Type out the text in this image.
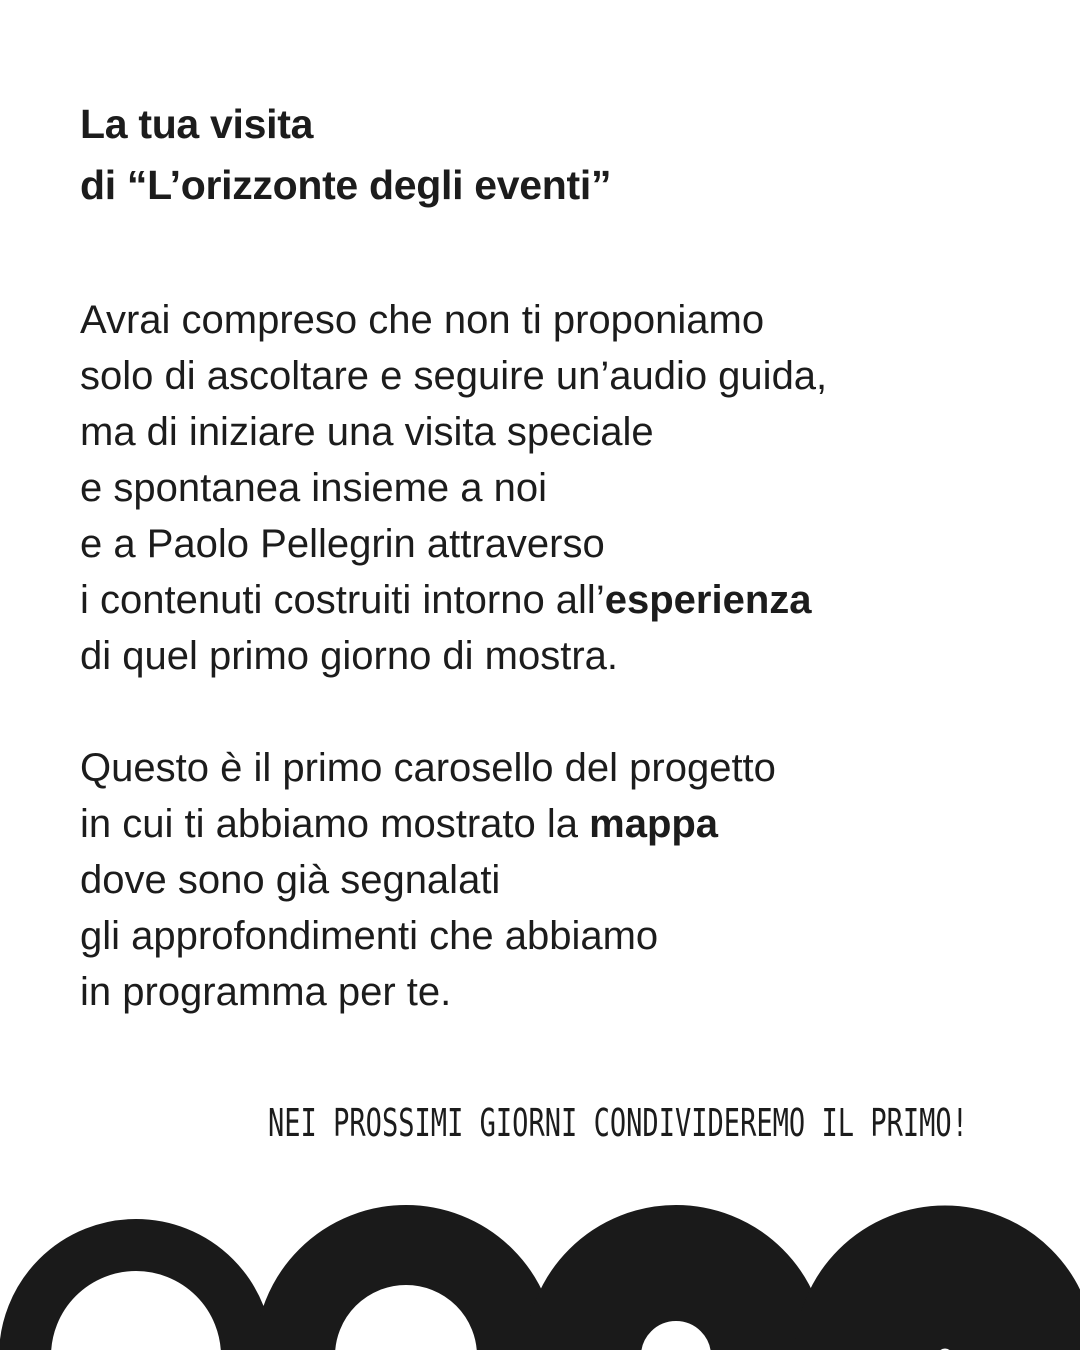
La tua visita
di “L’orizzonte degli eventi”

Avrai compreso che non ti proponiamo
solo di ascoltare e seguire un’audio guida,
ma di iniziare una visita speciale
e spontanea insieme a noi
e a Paolo Pellegrin attraverso
i contenuti costruiti intorno all’esperienza
di quel primo giorno di mostra.

Questo è il primo carosello del progetto
in cui ti abbiamo mostrato la mappa
dove sono già segnalati
gli approfondimenti che abbiamo
in programma per te.

NEI PROSSIMI GIORNI CONDIVIDEREMO IL PRIMO!
